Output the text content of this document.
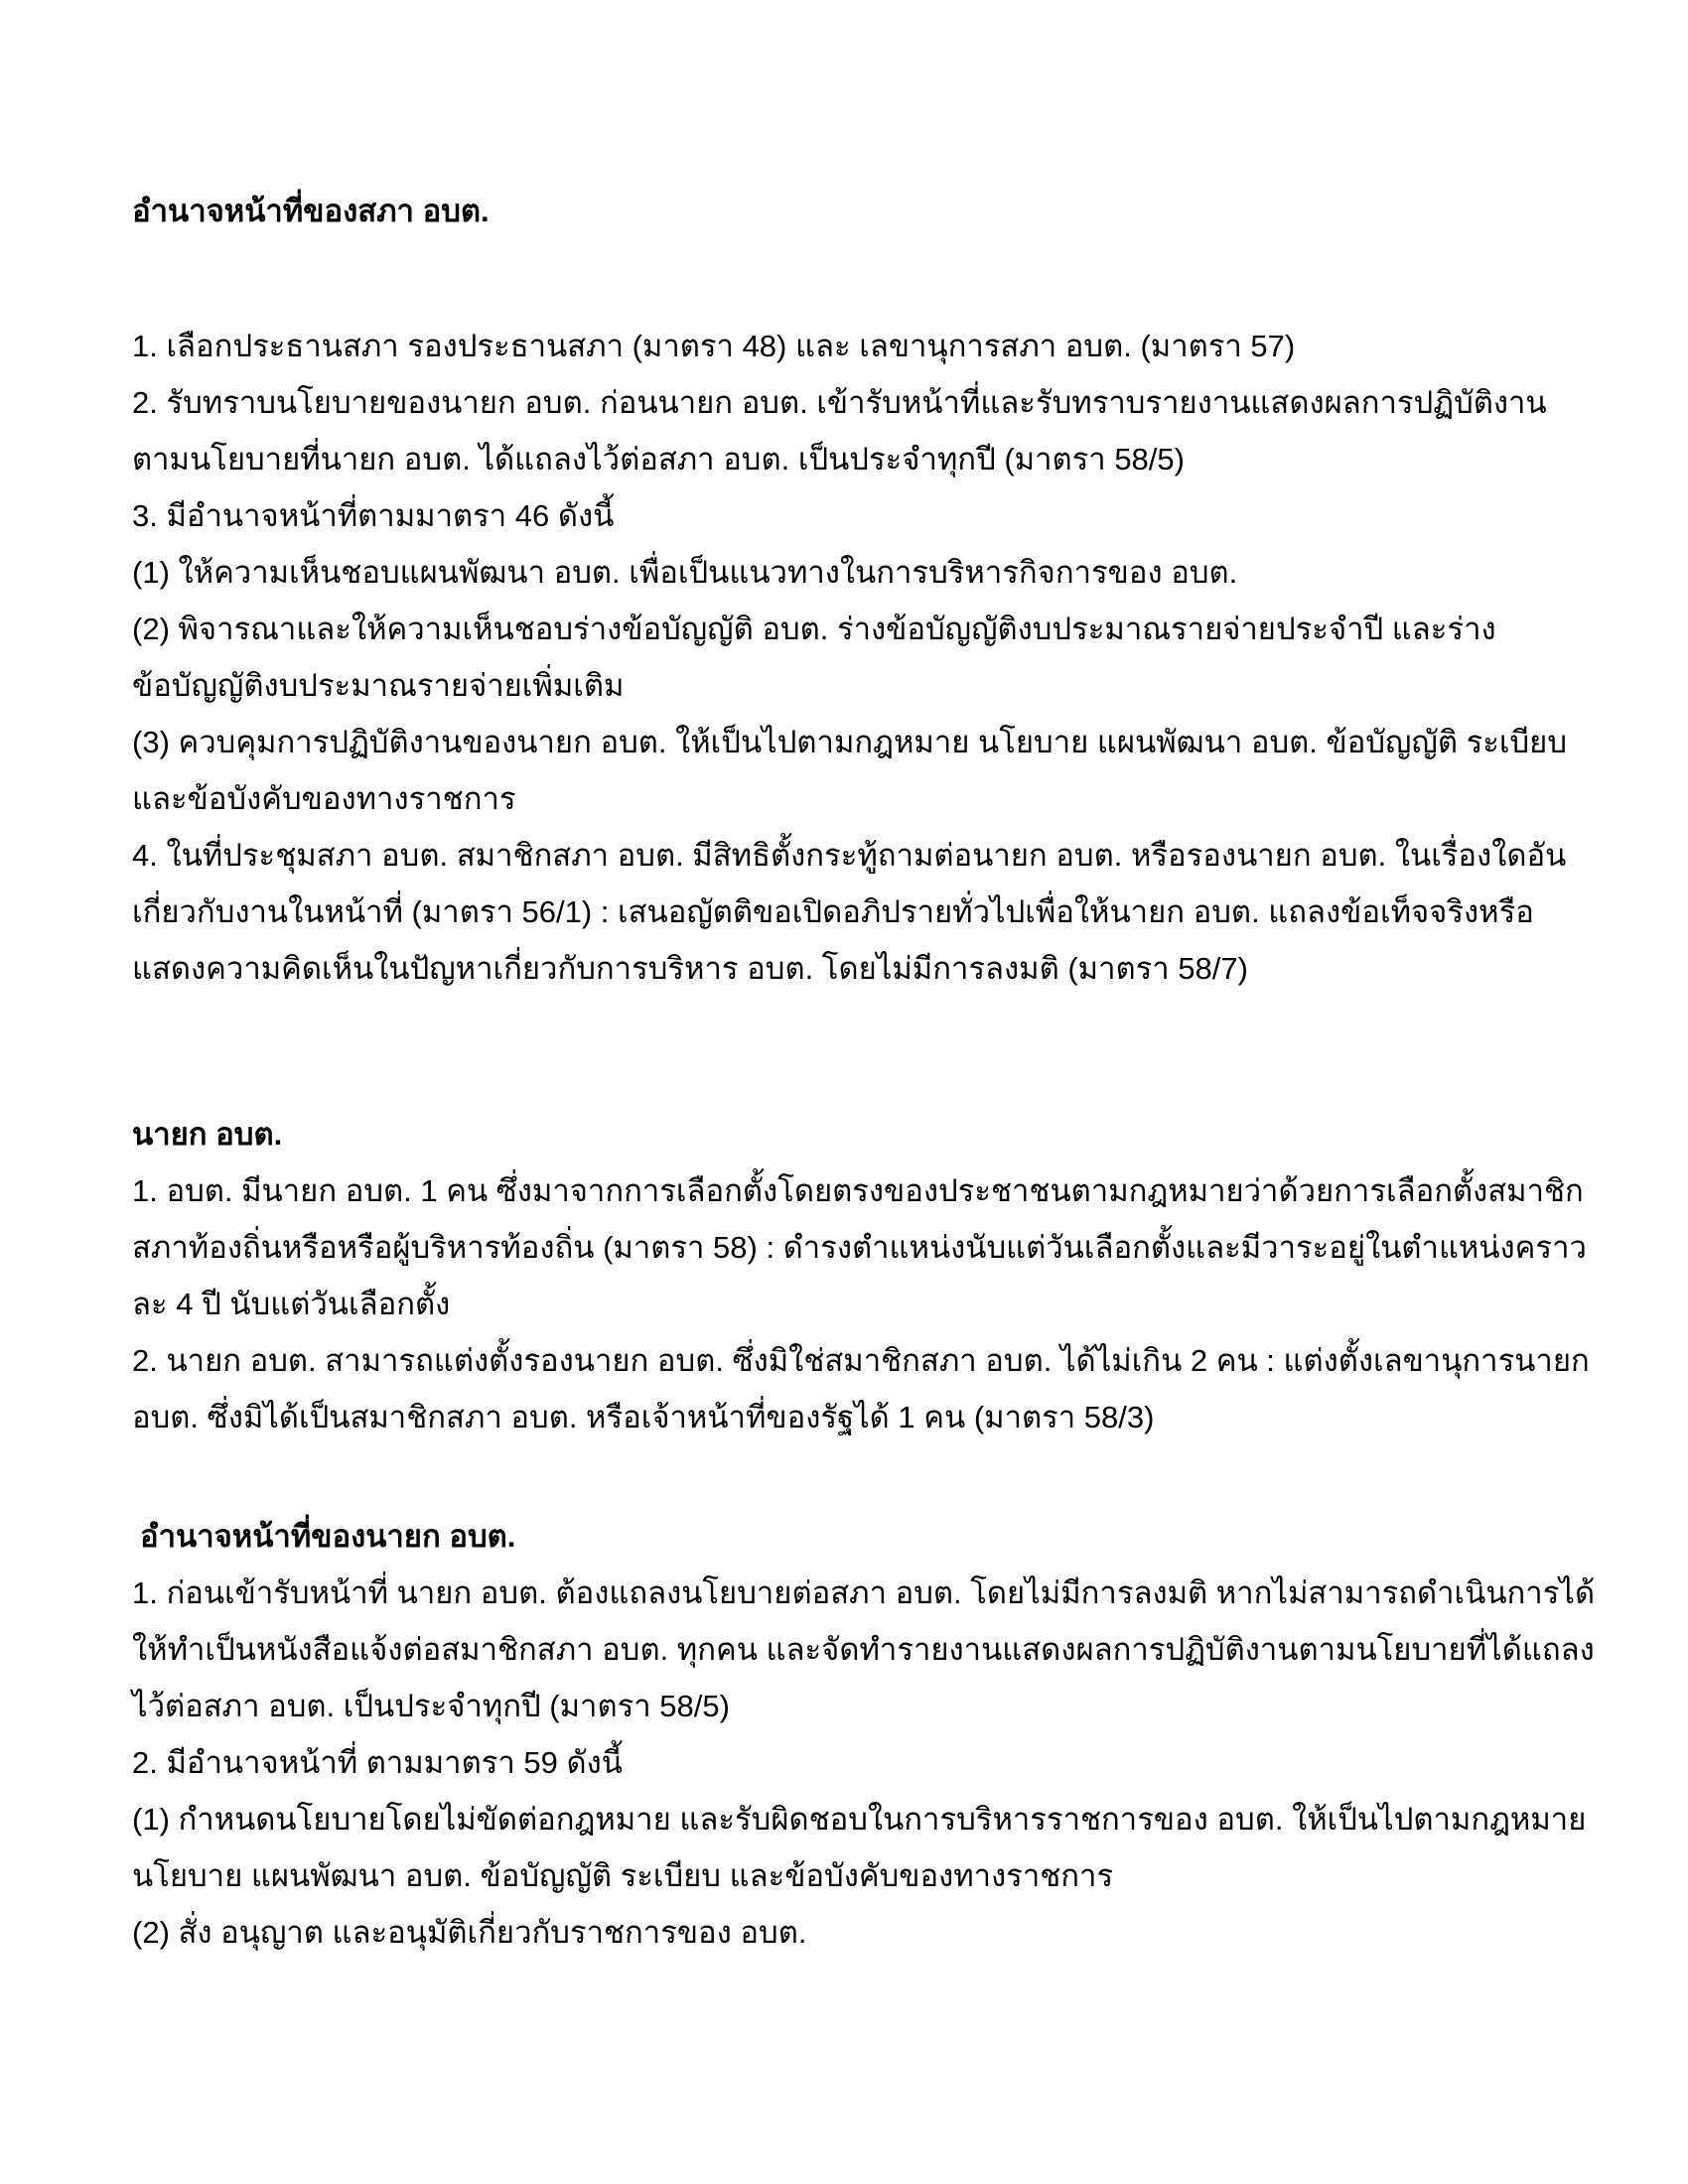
อำนาจหน้าที่ของสภา อบต.
1. เลือกประธานสภา รองประธานสภา (มาตรา 48) และ เลขานุการสภา อบต. (มาตรา 57)
2. รับทราบนโยบายของนายก อบต. ก่อนนายก อบต. เข้ารับหน้าที่และรับทราบรายงานแสดงผลการปฏิบัติงาน
ตามนโยบายที่นายก อบต. ได้แถลงไว้ต่อสภา อบต. เป็นประจำทุกปี (มาตรา 58/5)
3. มีอำนาจหน้าที่ตามมาตรา 46 ดังนี้
(1) ให้ความเห็นชอบแผนพัฒนา อบต. เพื่อเป็นแนวทางในการบริหารกิจการของ อบต.
(2) พิจารณาและให้ความเห็นชอบร่างข้อบัญญัติ อบต. ร่างข้อบัญญัติงบประมาณรายจ่ายประจำปี และร่าง
ข้อบัญญัติงบประมาณรายจ่ายเพิ่มเติม
(3) ควบคุมการปฏิบัติงานของนายก อบต. ให้เป็นไปตามกฎหมาย นโยบาย แผนพัฒนา อบต. ข้อบัญญัติ ระเบียบ
และข้อบังคับของทางราชการ
4. ในที่ประชุมสภา อบต. สมาชิกสภา อบต. มีสิทธิตั้งกระทู้ถามต่อนายก อบต. หรือรองนายก อบต. ในเรื่องใดอัน
เกี่ยวกับงานในหน้าที่ (มาตรา 56/1) : เสนอญัตติขอเปิดอภิปรายทั่วไปเพื่อให้นายก อบต. แถลงข้อเท็จจริงหรือ
แสดงความคิดเห็นในปัญหาเกี่ยวกับการบริหาร อบต. โดยไม่มีการลงมติ (มาตรา 58/7)
นายก อบต.
1. อบต. มีนายก อบต. 1 คน ซึ่งมาจากการเลือกตั้งโดยตรงของประชาชนตามกฎหมายว่าด้วยการเลือกตั้งสมาชิก
สภาท้องถิ่นหรือหรือผู้บริหารท้องถิ่น (มาตรา 58) : ดำรงตำแหน่งนับแต่วันเลือกตั้งและมีวาระอยู่ในตำแหน่งคราว
ละ 4 ปี นับแต่วันเลือกตั้ง
2. นายก อบต. สามารถแต่งตั้งรองนายก อบต. ซึ่งมิใช่สมาชิกสภา อบต. ได้ไม่เกิน 2 คน : แต่งตั้งเลขานุการนายก
อบต. ซึ่งมิได้เป็นสมาชิกสภา อบต. หรือเจ้าหน้าที่ของรัฐได้ 1 คน (มาตรา 58/3)
อำนาจหน้าที่ของนายก อบต.
1. ก่อนเข้ารับหน้าที่ นายก อบต. ต้องแถลงนโยบายต่อสภา อบต. โดยไม่มีการลงมติ หากไม่สามารถดำเนินการได้
ให้ทำเป็นหนังสือแจ้งต่อสมาชิกสภา อบต. ทุกคน และจัดทำรายงานแสดงผลการปฏิบัติงานตามนโยบายที่ได้แถลง
ไว้ต่อสภา อบต. เป็นประจำทุกปี (มาตรา 58/5)
2. มีอำนาจหน้าที่ ตามมาตรา 59 ดังนี้
(1) กำหนดนโยบายโดยไม่ขัดต่อกฎหมาย และรับผิดชอบในการบริหารราชการของ อบต. ให้เป็นไปตามกฎหมาย
นโยบาย แผนพัฒนา อบต. ข้อบัญญัติ ระเบียบ และข้อบังคับของทางราชการ
(2) สั่ง อนุญาต และอนุมัติเกี่ยวกับราชการของ อบต.
